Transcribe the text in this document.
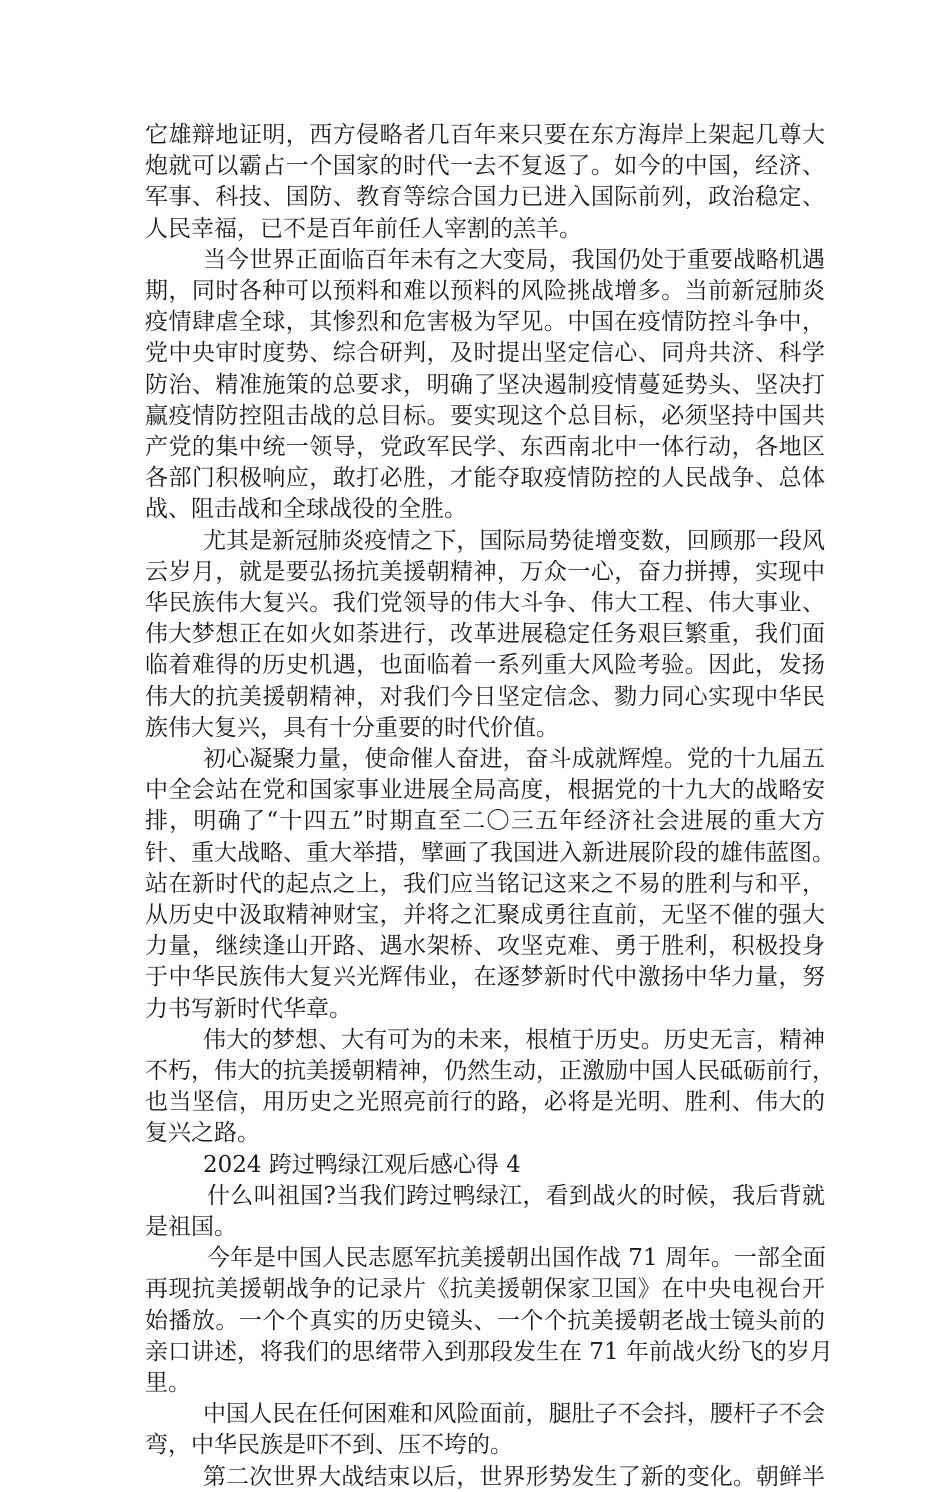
它雄辩地证明，西方侵略者几百年来只要在东方海岸上架起几尊大
炮就可以霸占一个国家的时代一去不复返了。如今的中国，经济、
军事、科技、国防、教育等综合国力已进入国际前列，政治稳定、
人民幸福，已不是百年前任人宰割的羔羊。
当今世界正面临百年未有之大变局，我国仍处于重要战略机遇
期，同时各种可以预料和难以预料的风险挑战增多。当前新冠肺炎
疫情肆虐全球，其惨烈和危害极为罕见。中国在疫情防控斗争中，
党中央审时度势、综合研判，及时提出坚定信心、同舟共济、科学
防治、精准施策的总要求，明确了坚决遏制疫情蔓延势头、坚决打
赢疫情防控阻击战的总目标。要实现这个总目标，必须坚持中国共
产党的集中统一领导，党政军民学、东西南北中一体行动，各地区
各部门积极响应，敢打必胜，才能夺取疫情防控的人民战争、总体
战、阻击战和全球战役的全胜。
尤其是新冠肺炎疫情之下，国际局势徒增变数，回顾那一段风
云岁月，就是要弘扬抗美援朝精神，万众一心，奋力拼搏，实现中
华民族伟大复兴。我们党领导的伟大斗争、伟大工程、伟大事业、
伟大梦想正在如火如荼进行，改革进展稳定任务艰巨繁重，我们面
临着难得的历史机遇，也面临着一系列重大风险考验。因此，发扬
伟大的抗美援朝精神，对我们今日坚定信念、勠力同心实现中华民
族伟大复兴，具有十分重要的时代价值。
初心凝聚力量，使命催人奋进，奋斗成就辉煌。党的十九届五
中全会站在党和国家事业进展全局高度，根据党的十九大的战略安
排，明确了“十四五”时期直至二〇三五年经济社会进展的重大方
针、重大战略、重大举措，擘画了我国进入新进展阶段的雄伟蓝图。
站在新时代的起点之上，我们应当铭记这来之不易的胜利与和平，
从历史中汲取精神财宝，并将之汇聚成勇往直前，无坚不催的强大
力量，继续逢山开路、遇水架桥、攻坚克难、勇于胜利，积极投身
于中华民族伟大复兴光辉伟业，在逐梦新时代中激扬中华力量，努
力书写新时代华章。
伟大的梦想、大有可为的未来，根植于历史。历史无言，精神
不朽，伟大的抗美援朝精神，仍然生动，正激励中国人民砥砺前行，
也当坚信，用历史之光照亮前行的路，必将是光明、胜利、伟大的
复兴之路。
2024 跨过鸭绿江观后感心得 4
什么叫祖国?当我们跨过鸭绿江，看到战火的时候，我后背就
是祖国。
今年是中国人民志愿军抗美援朝出国作战 71 周年。一部全面
再现抗美援朝战争的记录片《抗美援朝保家卫国》在中央电视台开
始播放。一个个真实的历史镜头、一个个抗美援朝老战士镜头前的
亲口讲述，将我们的思绪带入到那段发生在 71 年前战火纷飞的岁月
里。
中国人民在任何困难和风险面前，腿肚子不会抖，腰杆子不会
弯，中华民族是吓不到、压不垮的。
第二次世界大战结束以后，世界形势发生了新的变化。朝鲜半
